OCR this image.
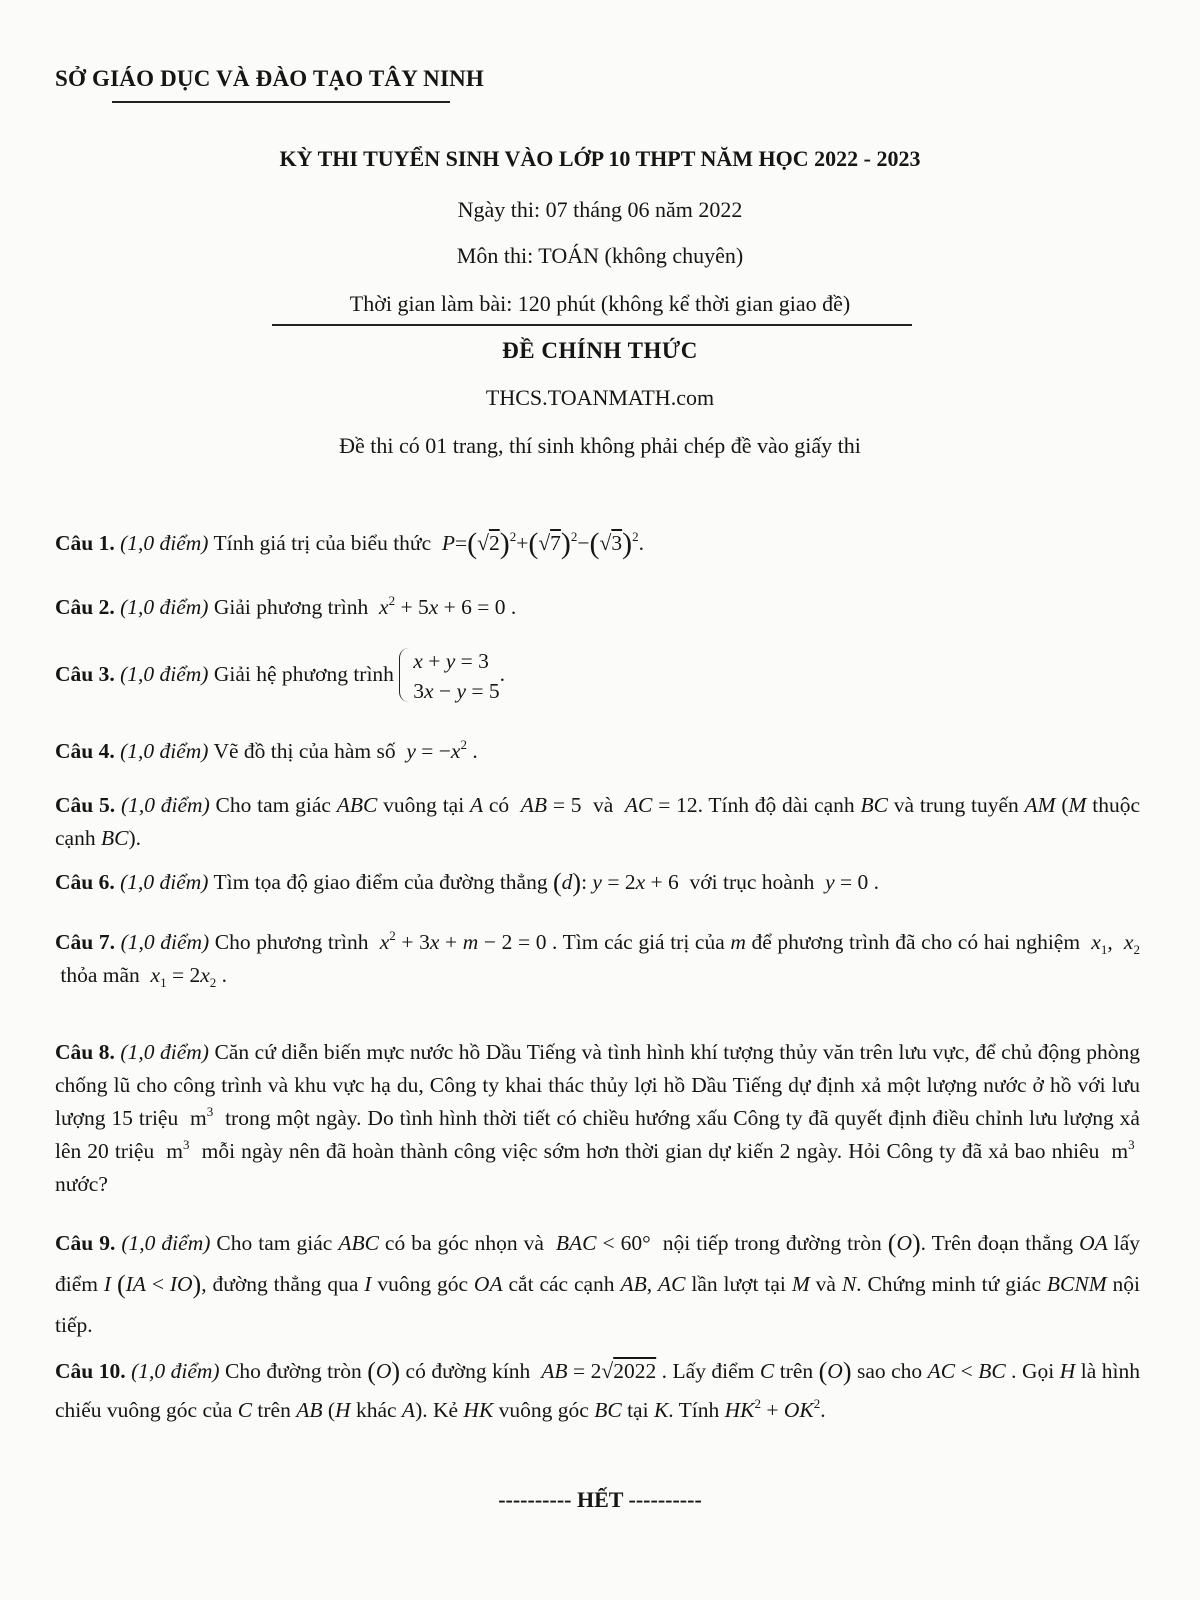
SỞ GIÁO DỤC VÀ ĐÀO TẠO TÂY NINH
KỲ THI TUYỂN SINH VÀO LỚP 10 THPT NĂM HỌC 2022 - 2023
Ngày thi: 07 tháng 06 năm 2022
Môn thi: TOÁN (không chuyên)
Thời gian làm bài: 120 phút (không kể thời gian giao đề)
ĐỀ CHÍNH THỨC
THCS.TOANMATH.com
Đề thi có 01 trang, thí sinh không phải chép đề vào giấy thi
Câu 1. (1,0 điểm) Tính giá trị của biểu thức $P=(√2)^2+(√7)^2-(√3)^2$.
Câu 2. (1,0 điểm) Giải phương trình $x^2 + 5x + 6 = 0$ .
Câu 3. (1,0 điểm) Giải hệ phương trình
x + y = 3
3x − y = 5
.
Câu 4. (1,0 điểm) Vẽ đồ thị của hàm số $y = -x^2$ .
Câu 5. (1,0 điểm) Cho tam giác ABC vuông tại A có  AB = 5  và  AC = 12. Tính độ dài cạnh BC và trung tuyến AM (M thuộc cạnh BC).
Câu 6. (1,0 điểm) Tìm tọa độ giao điểm của đường thẳng (d): y = 2x + 6  với trục hoành  y = 0 .
Câu 7. (1,0 điểm) Cho phương trình  $x^2 + 3x + m - 2 = 0$ . Tìm các giá trị của m để phương trình đã cho có hai nghiệm  $x_1$,  $x_2$  thỏa mãn  $x_1 = 2x_2$ .
Câu 8. (1,0 điểm) Căn cứ diễn biến mực nước hồ Dầu Tiếng và tình hình khí tượng thủy văn trên lưu vực, để chủ động phòng chống lũ cho công trình và khu vực hạ du, Công ty khai thác thủy lợi hồ Dầu Tiếng dự định xả một lượng nước ở hồ với lưu lượng 15 triệu  $m^3$  trong một ngày. Do tình hình thời tiết có chiều hướng xấu Công ty đã quyết định điều chỉnh lưu lượng xả lên 20 triệu  $m^3$  mỗi ngày nên đã hoàn thành công việc sớm hơn thời gian dự kiến 2 ngày. Hỏi Công ty đã xả bao nhiêu  $m^3$  nước?
Câu 9. (1,0 điểm) Cho tam giác ABC có ba góc nhọn và  BAC < 60°  nội tiếp trong đường tròn (O). Trên đoạn thẳng OA lấy điểm I (IA < IO), đường thẳng qua I vuông góc OA cắt các cạnh AB, AC lần lượt tại M và N. Chứng minh tứ giác BCNM nội tiếp.
Câu 10. (1,0 điểm) Cho đường tròn (O) có đường kính  AB = 2√2022 . Lấy điểm C trên (O) sao cho AC < BC . Gọi H là hình chiếu vuông góc của C trên AB (H khác A). Kẻ HK vuông góc BC tại K. Tính $HK^2 + OK^2$.
---------- HẾT ----------
